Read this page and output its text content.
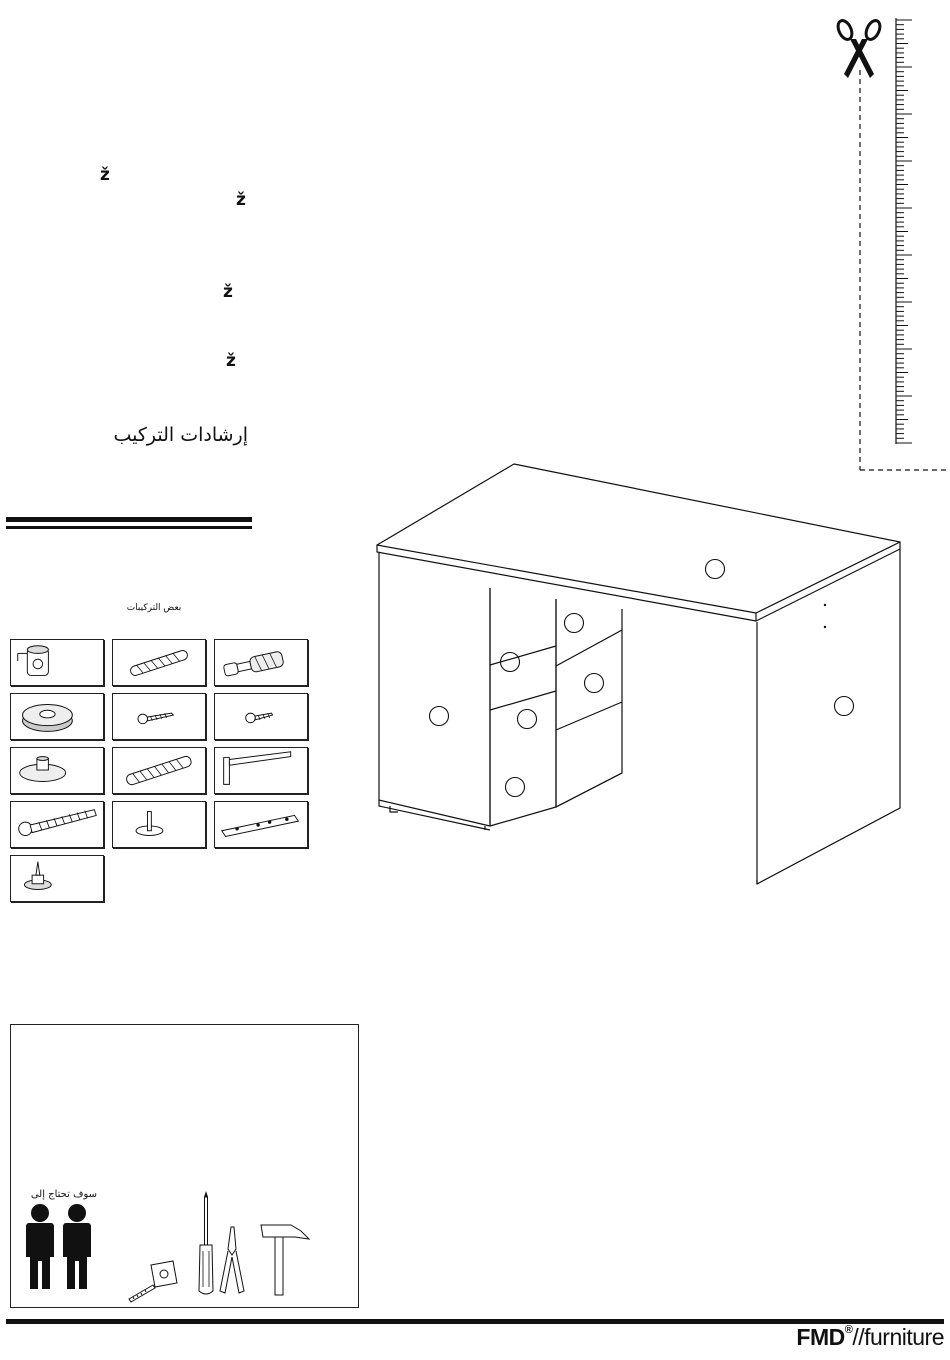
ž
ž
ž
ž
إرشادات التركيب
بعض التركيبات
سوف تحتاج إلى
FMD®//furniture
